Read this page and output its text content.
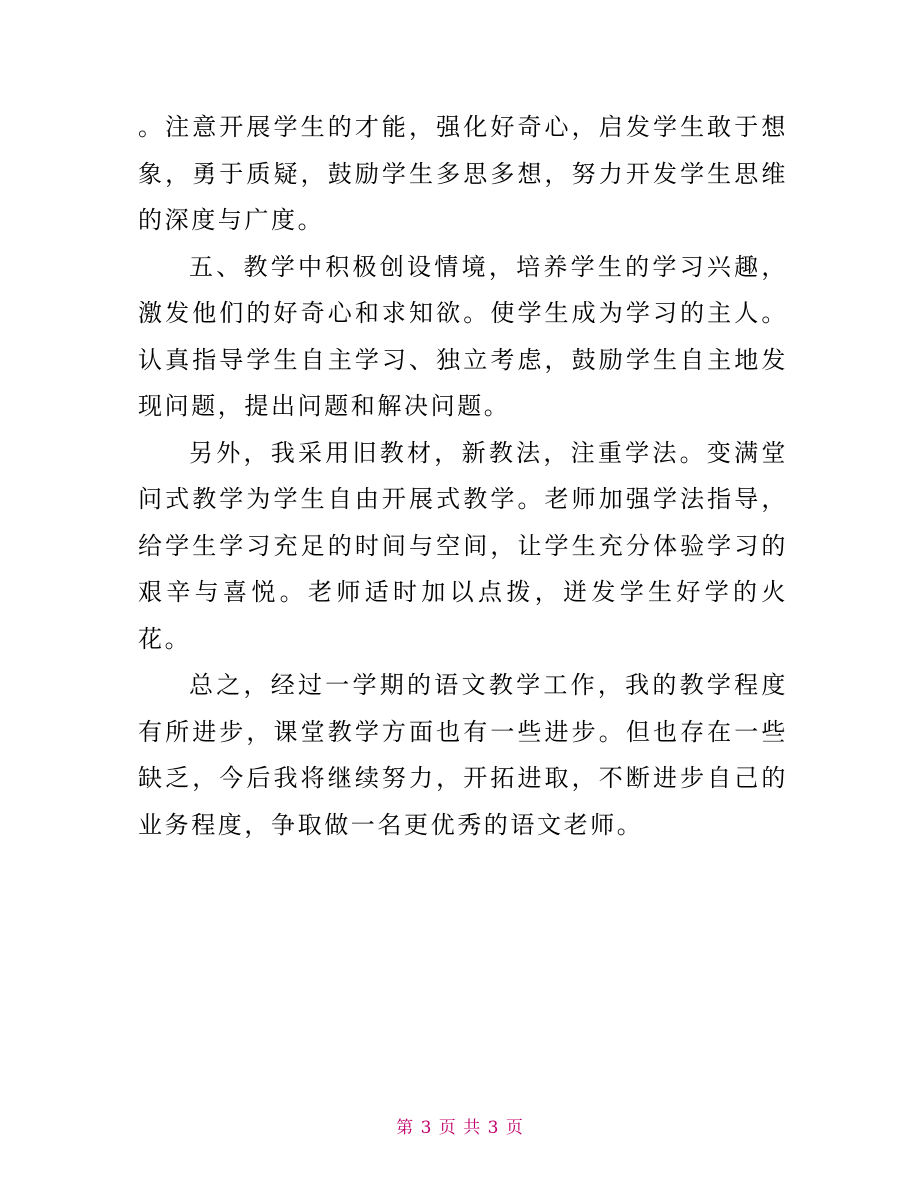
。注意开展学生的才能，强化好奇心，启发学生敢于想象，勇于质疑，鼓励学生多思多想，努力开发学生思维的深度与广度。

五、教学中积极创设情境，培养学生的学习兴趣，激发他们的好奇心和求知欲。使学生成为学习的主人。认真指导学生自主学习、独立考虑，鼓励学生自主地发现问题，提出问题和解决问题。

另外，我采用旧教材，新教法，注重学法。变满堂问式教学为学生自由开展式教学。老师加强学法指导，给学生学习充足的时间与空间，让学生充分体验学习的艰辛与喜悦。老师适时加以点拨，迸发学生好学的火花。

总之，经过一学期的语文教学工作，我的教学程度有所进步，课堂教学方面也有一些进步。但也存在一些缺乏，今后我将继续努力，开拓进取，不断进步自己的业务程度，争取做一名更优秀的语文老师。

第 3 页 共 3 页
